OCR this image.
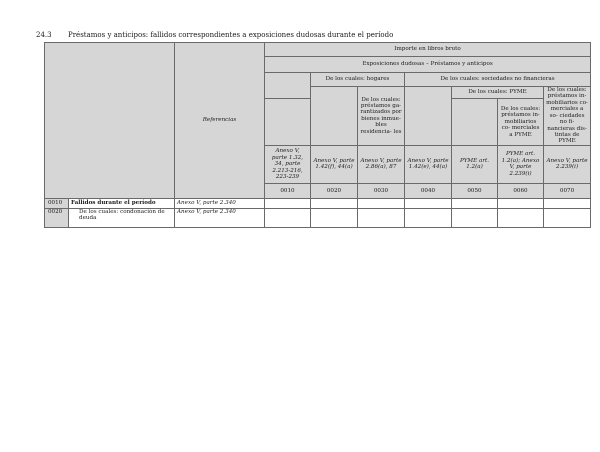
24.3 Préstamos y anticipos: fallidos correspondientes a exposiciones dudosas durante el período
		Referencias	Importe en libros bruto						
			Exposiciones dudosas – Préstamos y anticipos						
				De los cuales: hogares		De los cuales: sociedades no financieras			
					De los cuales: préstamos ga- rantizados por bienes inmue- bles residencia- les		De los cuales: PYME		De los cuales: préstamos in- mobiliarios co- merciales a so- ciedades no fi- nancieras dis- tintas de PYME
								De los cuales: préstamos in- mobiliarios co- merciales a PYME	
			Anexo V, parte 1.32, 34, parte 2.213-216, 223-239	Anexo V, parte 1.42(f), 44(a)	Anexo V, parte 2.86(a), 87	Anexo V, parte 1.42(e), 44(a)	PYME art. 1.2(a)	PYME art. 1.2(a); Anexo V, parte 2.239(i)	Anexo V, parte 2.239(i)
			0010	0020	0030	0040	0050	0060	0070
0010	Fallidos durante el período	Anexo V, parte 2.340							
0020	De los cuales: condonación de deuda	Anexo V, parte 2.340							
